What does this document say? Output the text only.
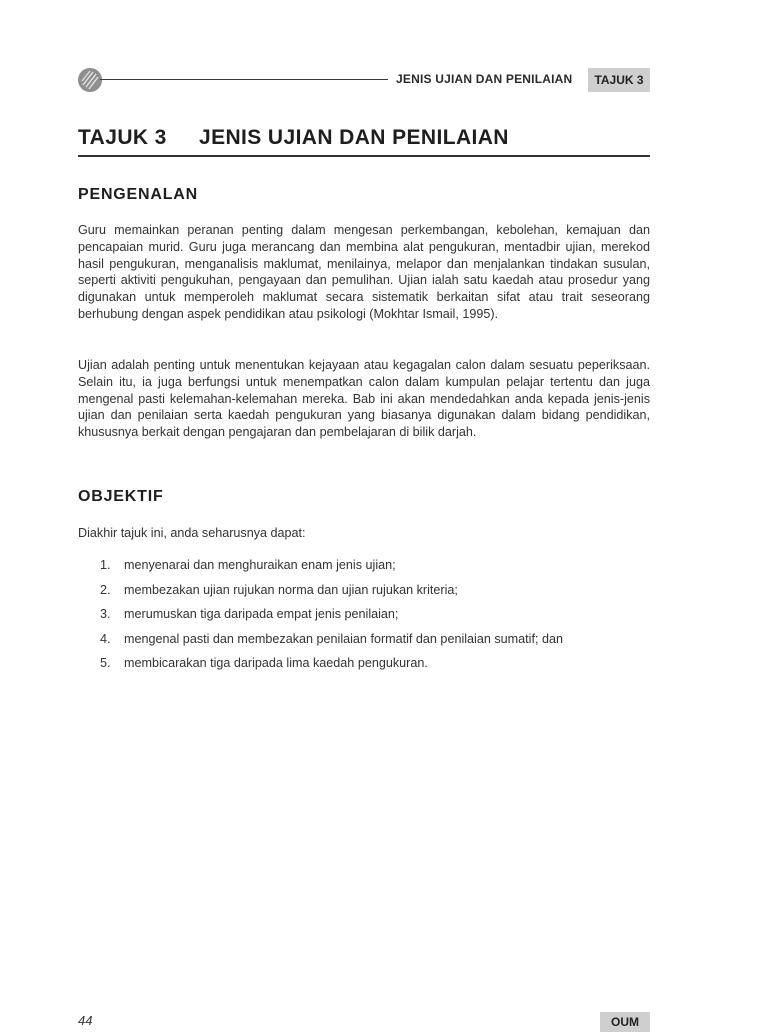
JENIS UJIAN DAN PENILAIAN	TAJUK 3
TAJUK 3 JENIS UJIAN DAN PENILAIAN
PENGENALAN
Guru memainkan peranan penting dalam mengesan perkembangan, kebolehan, kemajuan dan pencapaian murid. Guru juga merancang dan membina alat pengukuran, mentadbir ujian, merekod hasil pengukuran, menganalisis maklumat, menilainya, melapor dan menjalankan tindakan susulan, seperti aktiviti pengukuhan, pengayaan dan pemulihan. Ujian ialah satu kaedah atau prosedur yang digunakan untuk memperoleh maklumat secara sistematik berkaitan sifat atau trait seseorang berhubung dengan aspek pendidikan atau psikologi (Mokhtar Ismail, 1995).
Ujian adalah penting untuk menentukan kejayaan atau kegagalan calon dalam sesuatu peperiksaan. Selain itu, ia juga berfungsi untuk menempatkan calon dalam kumpulan pelajar tertentu dan juga mengenal pasti kelemahan-kelemahan mereka. Bab ini akan mendedahkan anda kepada jenis-jenis ujian dan penilaian serta kaedah pengukuran yang biasanya digunakan dalam bidang pendidikan, khususnya berkait dengan pengajaran dan pembelajaran di bilik darjah.
OBJEKTIF
Diakhir tajuk ini, anda seharusnya dapat:
1. menyenarai dan menghuraikan enam jenis ujian;
2. membezakan ujian rujukan norma dan ujian rujukan kriteria;
3. merumuskan tiga daripada empat jenis penilaian;
4. mengenal pasti dan membezakan penilaian formatif dan penilaian sumatif; dan
5. membicarakan tiga daripada lima kaedah pengukuran.
44	OUM
